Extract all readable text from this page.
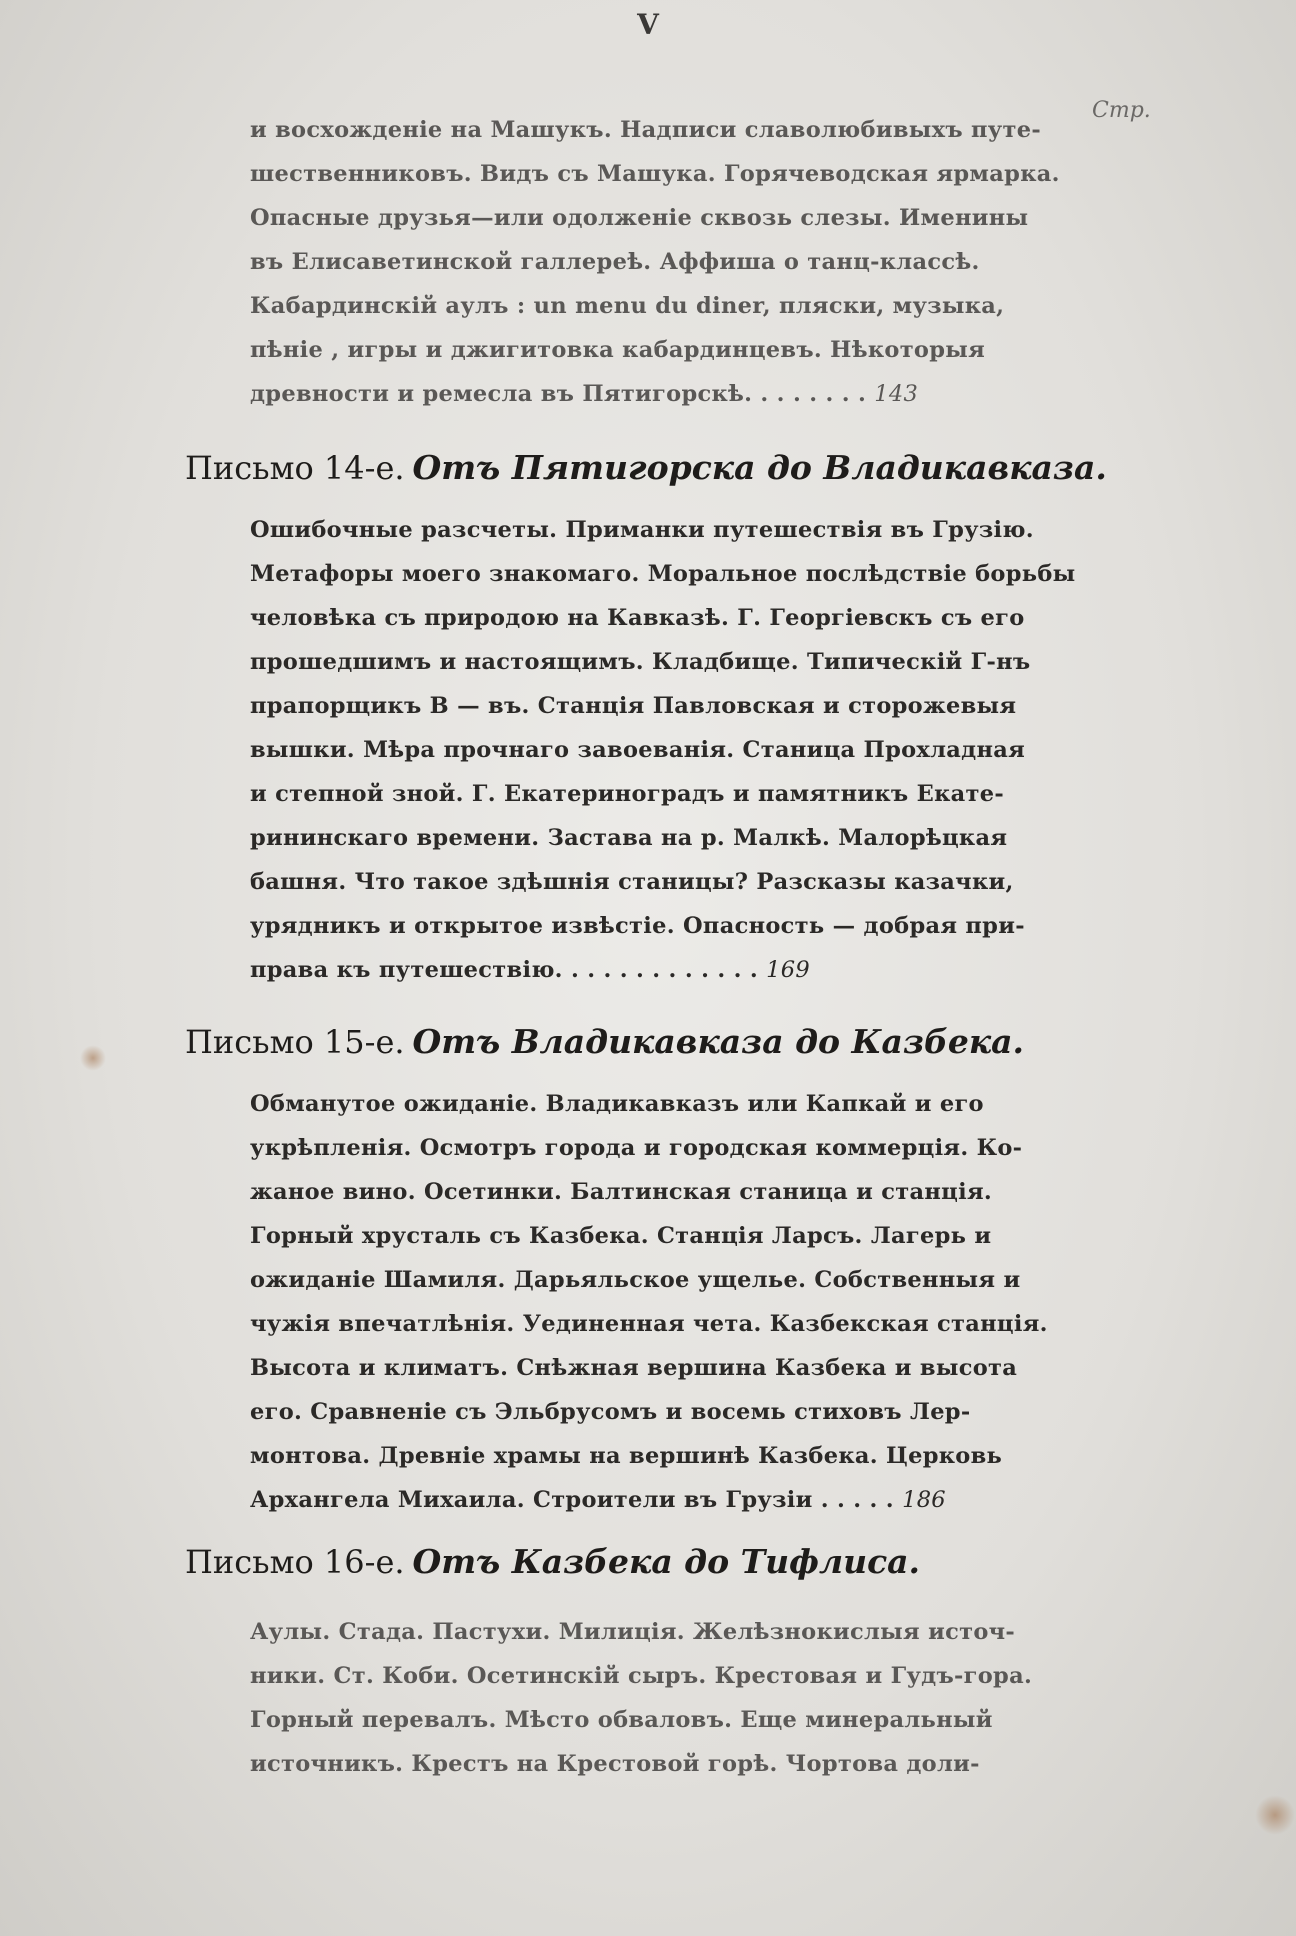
V
Стр.
и восхожденіе на Машукъ. Надписи славолюбивыхъ путе-
шественниковъ. Видъ съ Машука. Горячеводская ярмарка.
Опасные друзья—или одолженіе сквозь слезы. Именины
въ Елисаветинской галлереѣ. Аффиша о танц-классѣ.
Кабардинскій аулъ : un menu du diner, пляски, музыка,
пѣніе , игры и джигитовка кабардинцевъ. Нѣкоторыя
древности и ремесла въ Пятигорскѣ. . . . . . . . 143
Письмо 14-е. Отъ Пятигорска до Владикавказа.
Ошибочные разсчеты. Приманки путешествія въ Грузію.
Метафоры моего знакомаго. Моральное послѣдствіе борьбы
человѣка съ природою на Кавказѣ. Г. Георгіевскъ съ его
прошедшимъ и настоящимъ. Кладбище. Типическій Г-нъ
прапорщикъ В — въ. Станція Павловская и сторожевыя
вышки. Мѣра прочнаго завоеванія. Станица Прохладная
и степной зной. Г. Екатериноградъ и памятникъ Екате-
рининскаго времени. Застава на р. Малкѣ. Малорѣцкая
башня. Что такое здѣшнія станицы? Разсказы казачки,
урядникъ и открытое извѣстіе. Опасность — добрая при-
права къ путешествію. . . . . . . . . . . . . 169
Письмо 15-е. Отъ Владикавказа до Казбека.
Обманутое ожиданіе. Владикавказъ или Капкай и его
укрѣпленія. Осмотръ города и городская коммерція. Ко-
жаное вино. Осетинки. Балтинская станица и станція.
Горный хрусталь съ Казбека. Станція Ларсъ. Лагерь и
ожиданіе Шамиля. Дарьяльское ущелье. Собственныя и
чужія впечатлѣнія. Уединенная чета. Казбекская станція.
Высота и климатъ. Снѣжная вершина Казбека и высота
его. Сравненіе съ Эльбрусомъ и восемь стиховъ Лер-
монтова. Древніе храмы на вершинѣ Казбека. Церковь
Архангела Михаила. Строители въ Грузіи . . . . . 186
Письмо 16-е. Отъ Казбека до Тифлиса.
Аулы. Стада. Пастухи. Милиція. Желѣзнокислыя источ-
ники. Ст. Коби. Осетинскій сыръ. Крестовая и Гудъ-гора.
Горный перевалъ. Мѣсто обваловъ. Еще минеральный
источникъ. Крестъ на Крестовой горѣ. Чортова доли-
